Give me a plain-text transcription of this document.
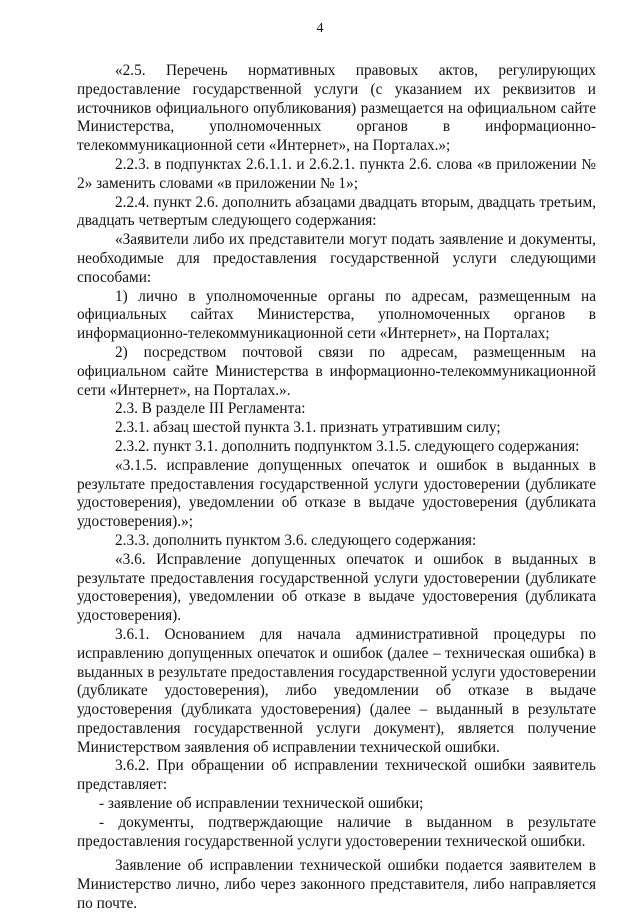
4

«2.5. Перечень нормативных правовых актов, регулирующих предоставление государственной услуги (с указанием их реквизитов и источников официального опубликования) размещается на официальном сайте Министерства, уполномоченных органов в информационно-телекоммуникационной сети «Интернет», на Порталах.»;

2.2.3. в подпунктах 2.6.1.1. и 2.6.2.1. пункта 2.6. слова «в приложении № 2» заменить словами «в приложении № 1»;

2.2.4. пункт 2.6. дополнить абзацами двадцать вторым, двадцать третьим, двадцать четвертым следующего содержания:

«Заявители либо их представители могут подать заявление и документы, необходимые для предоставления государственной услуги следующими способами:

1) лично в уполномоченные органы по адресам, размещенным на официальных сайтах Министерства, уполномоченных органов в информационно-телекоммуникационной сети «Интернет», на Порталах;

2) посредством почтовой связи по адресам, размещенным на официальном сайте Министерства в информационно-телекоммуникационной сети «Интернет», на Порталах.».

2.3. В разделе III Регламента:

2.3.1. абзац шестой пункта 3.1. признать утратившим силу;

2.3.2. пункт 3.1. дополнить подпунктом 3.1.5. следующего содержания:

«3.1.5. исправление допущенных опечаток и ошибок в выданных в результате предоставления государственной услуги удостоверении (дубликате удостоверения), уведомлении об отказе в выдаче удостоверения (дубликата удостоверения).»;

2.3.3. дополнить пунктом 3.6. следующего содержания:

«3.6. Исправление допущенных опечаток и ошибок в выданных в результате предоставления государственной услуги удостоверении (дубликате удостоверения), уведомлении об отказе в выдаче удостоверения (дубликата удостоверения).

3.6.1. Основанием для начала административной процедуры по исправлению допущенных опечаток и ошибок (далее – техническая ошибка) в выданных в результате предоставления государственной услуги удостоверении (дубликате удостоверения), либо уведомлении об отказе в выдаче удостоверения (дубликата удостоверения) (далее – выданный в результате предоставления государственной услуги документ), является получение Министерством заявления об исправлении технической ошибки.

3.6.2. При обращении об исправлении технической ошибки заявитель представляет:

- заявление об исправлении технической ошибки;

- документы, подтверждающие наличие в выданном в результате предоставления государственной услуги удостоверении технической ошибки.

Заявление об исправлении технической ошибки подается заявителем в Министерство лично, либо через законного представителя, либо направляется по почте.
